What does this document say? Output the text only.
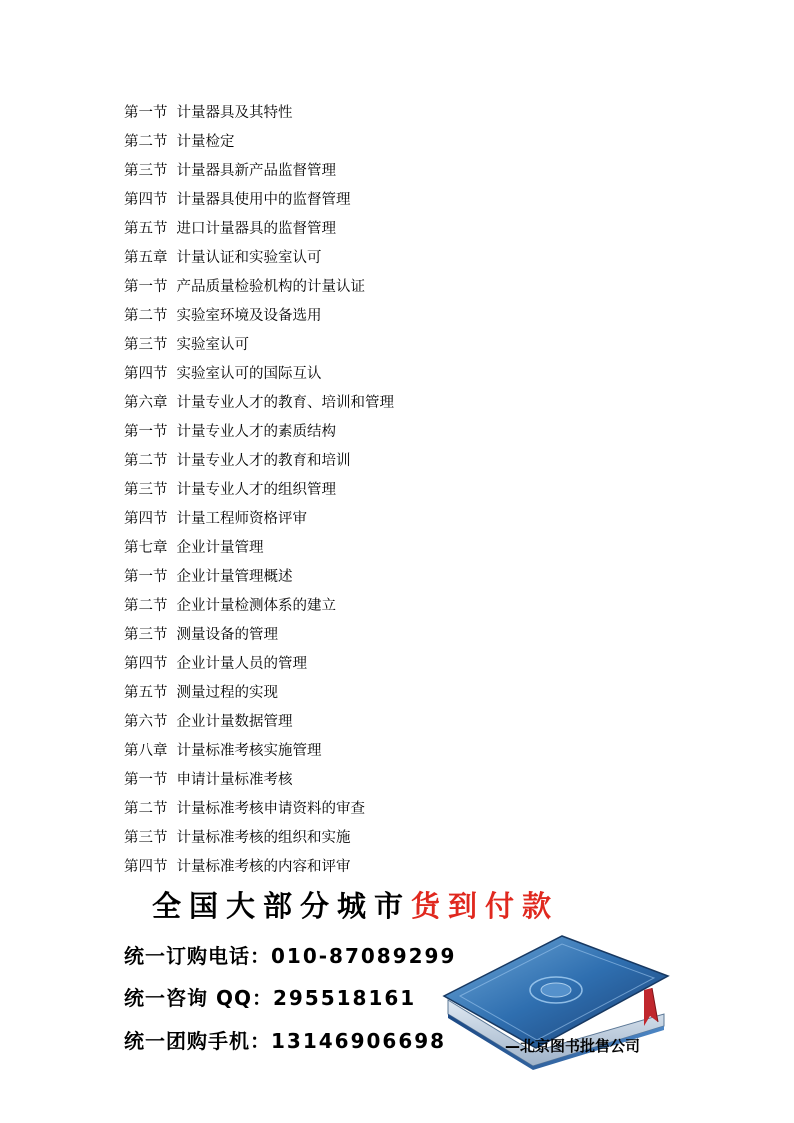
第一节 计量器具及其特性
第二节 计量检定
第三节 计量器具新产品监督管理
第四节 计量器具使用中的监督管理
第五节 进口计量器具的监督管理
第五章 计量认证和实验室认可
第一节 产品质量检验机构的计量认证
第二节 实验室环境及设备选用
第三节 实验室认可
第四节 实验室认可的国际互认
第六章 计量专业人才的教育、培训和管理
第一节 计量专业人才的素质结构
第二节 计量专业人才的教育和培训
第三节 计量专业人才的组织管理
第四节 计量工程师资格评审
第七章 企业计量管理
第一节 企业计量管理概述
第二节 企业计量检测体系的建立
第三节 测量设备的管理
第四节 企业计量人员的管理
第五节 测量过程的实现
第六节 企业计量数据管理
第八章 计量标准考核实施管理
第一节 申请计量标准考核
第二节 计量标准考核申请资料的审查
第三节 计量标准考核的组织和实施
第四节 计量标准考核的内容和评审
全国大部分城市货到付款
统一订购电话：010-87089299
统一咨询 QQ：295518161
统一团购手机：13146906698	—北京图书批售公司
